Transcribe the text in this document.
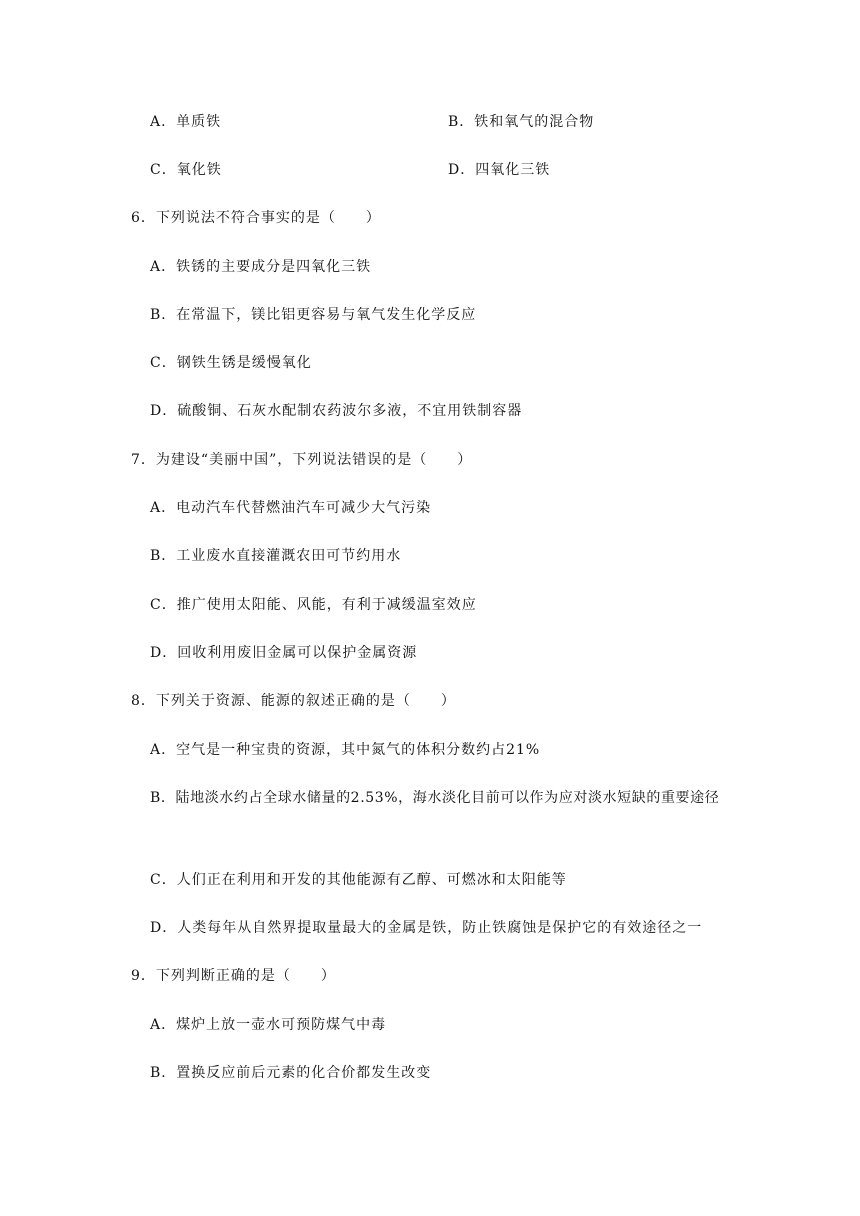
A．单质铁	B．铁和氧气的混合物
C．氧化铁	D．四氧化三铁
6．下列说法不符合事实的是（　　）
A．铁锈的主要成分是四氧化三铁
B．在常温下，镁比铝更容易与氧气发生化学反应
C．钢铁生锈是缓慢氧化
D．硫酸铜、石灰水配制农药波尔多液，不宜用铁制容器
7．为建设“美丽中国”，下列说法错误的是（　　）
A．电动汽车代替燃油汽车可减少大气污染
B．工业废水直接灌溉农田可节约用水
C．推广使用太阳能、风能，有利于减缓温室效应
D．回收利用废旧金属可以保护金属资源
8．下列关于资源、能源的叙述正确的是（　　）
A．空气是一种宝贵的资源，其中氮气的体积分数约占21%
B．陆地淡水约占全球水储量的2.53%，海水淡化目前可以作为应对淡水短缺的重要途径
C．人们正在利用和开发的其他能源有乙醇、可燃冰和太阳能等
D．人类每年从自然界提取量最大的金属是铁，防止铁腐蚀是保护它的有效途径之一
9．下列判断正确的是（　　）
A．煤炉上放一壶水可预防煤气中毒
B．置换反应前后元素的化合价都发生改变
